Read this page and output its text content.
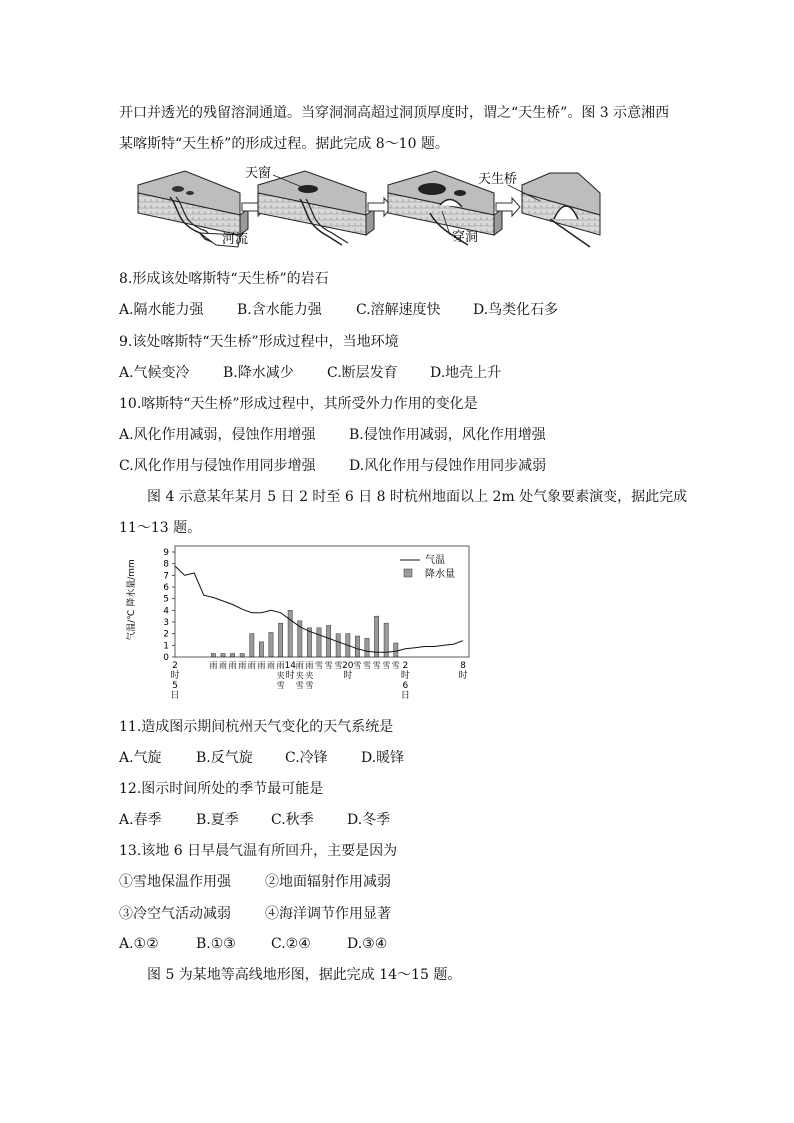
开口并透光的残留溶洞通道。当穿洞洞高超过洞顶厚度时，谓之“天生桥”。图 3 示意湘西
某喀斯特“天生桥”的形成过程。据此完成 8～10 题。
天窗
河流
天生桥
穿洞
8.形成该处喀斯特“天生桥”的岩石
A.隔水能力强 B.含水能力强 C.溶解速度快 D.鸟类化石多
9.该处喀斯特“天生桥”形成过程中，当地环境
A.气候变冷 B.降水减少 C.断层发育 D.地壳上升
10.喀斯特“天生桥”形成过程中，其所受外力作用的变化是
A.风化作用减弱，侵蚀作用增强 B.侵蚀作用减弱，风化作用增强
C.风化作用与侵蚀作用同步增强 D.风化作用与侵蚀作用同步减弱
图 4 示意某年某月 5 日 2 时至 6 日 8 时杭州地面以上 2m 处气象要素演变，据此完成
11～13 题。
0
1
2
3
4
5
6
7
8
9
2
时
5
日
14
时
20
时
2
时
6
日
8
时
雨 雨 雨 雨 雨 雨 雨 雨
夹
雪
雨
夹
雪
雨
夹
雪
雪 雪 雪 雪 雪 雪 雪 雪
气温/℃ 降水量/mm	气温
降水量
11.造成图示期间杭州天气变化的天气系统是
A.气旋 B.反气旋 C.冷锋 D.暖锋
12.图示时间所处的季节最可能是
A.春季 B.夏季 C.秋季 D.冬季
13.该地 6 日早晨气温有所回升，主要是因为
①雪地保温作用强 ②地面辐射作用减弱
③冷空气活动减弱 ④海洋调节作用显著
A.①②	B.①③	C.②④	D.③④
图 5 为某地等高线地形图，据此完成 14～15 题。
